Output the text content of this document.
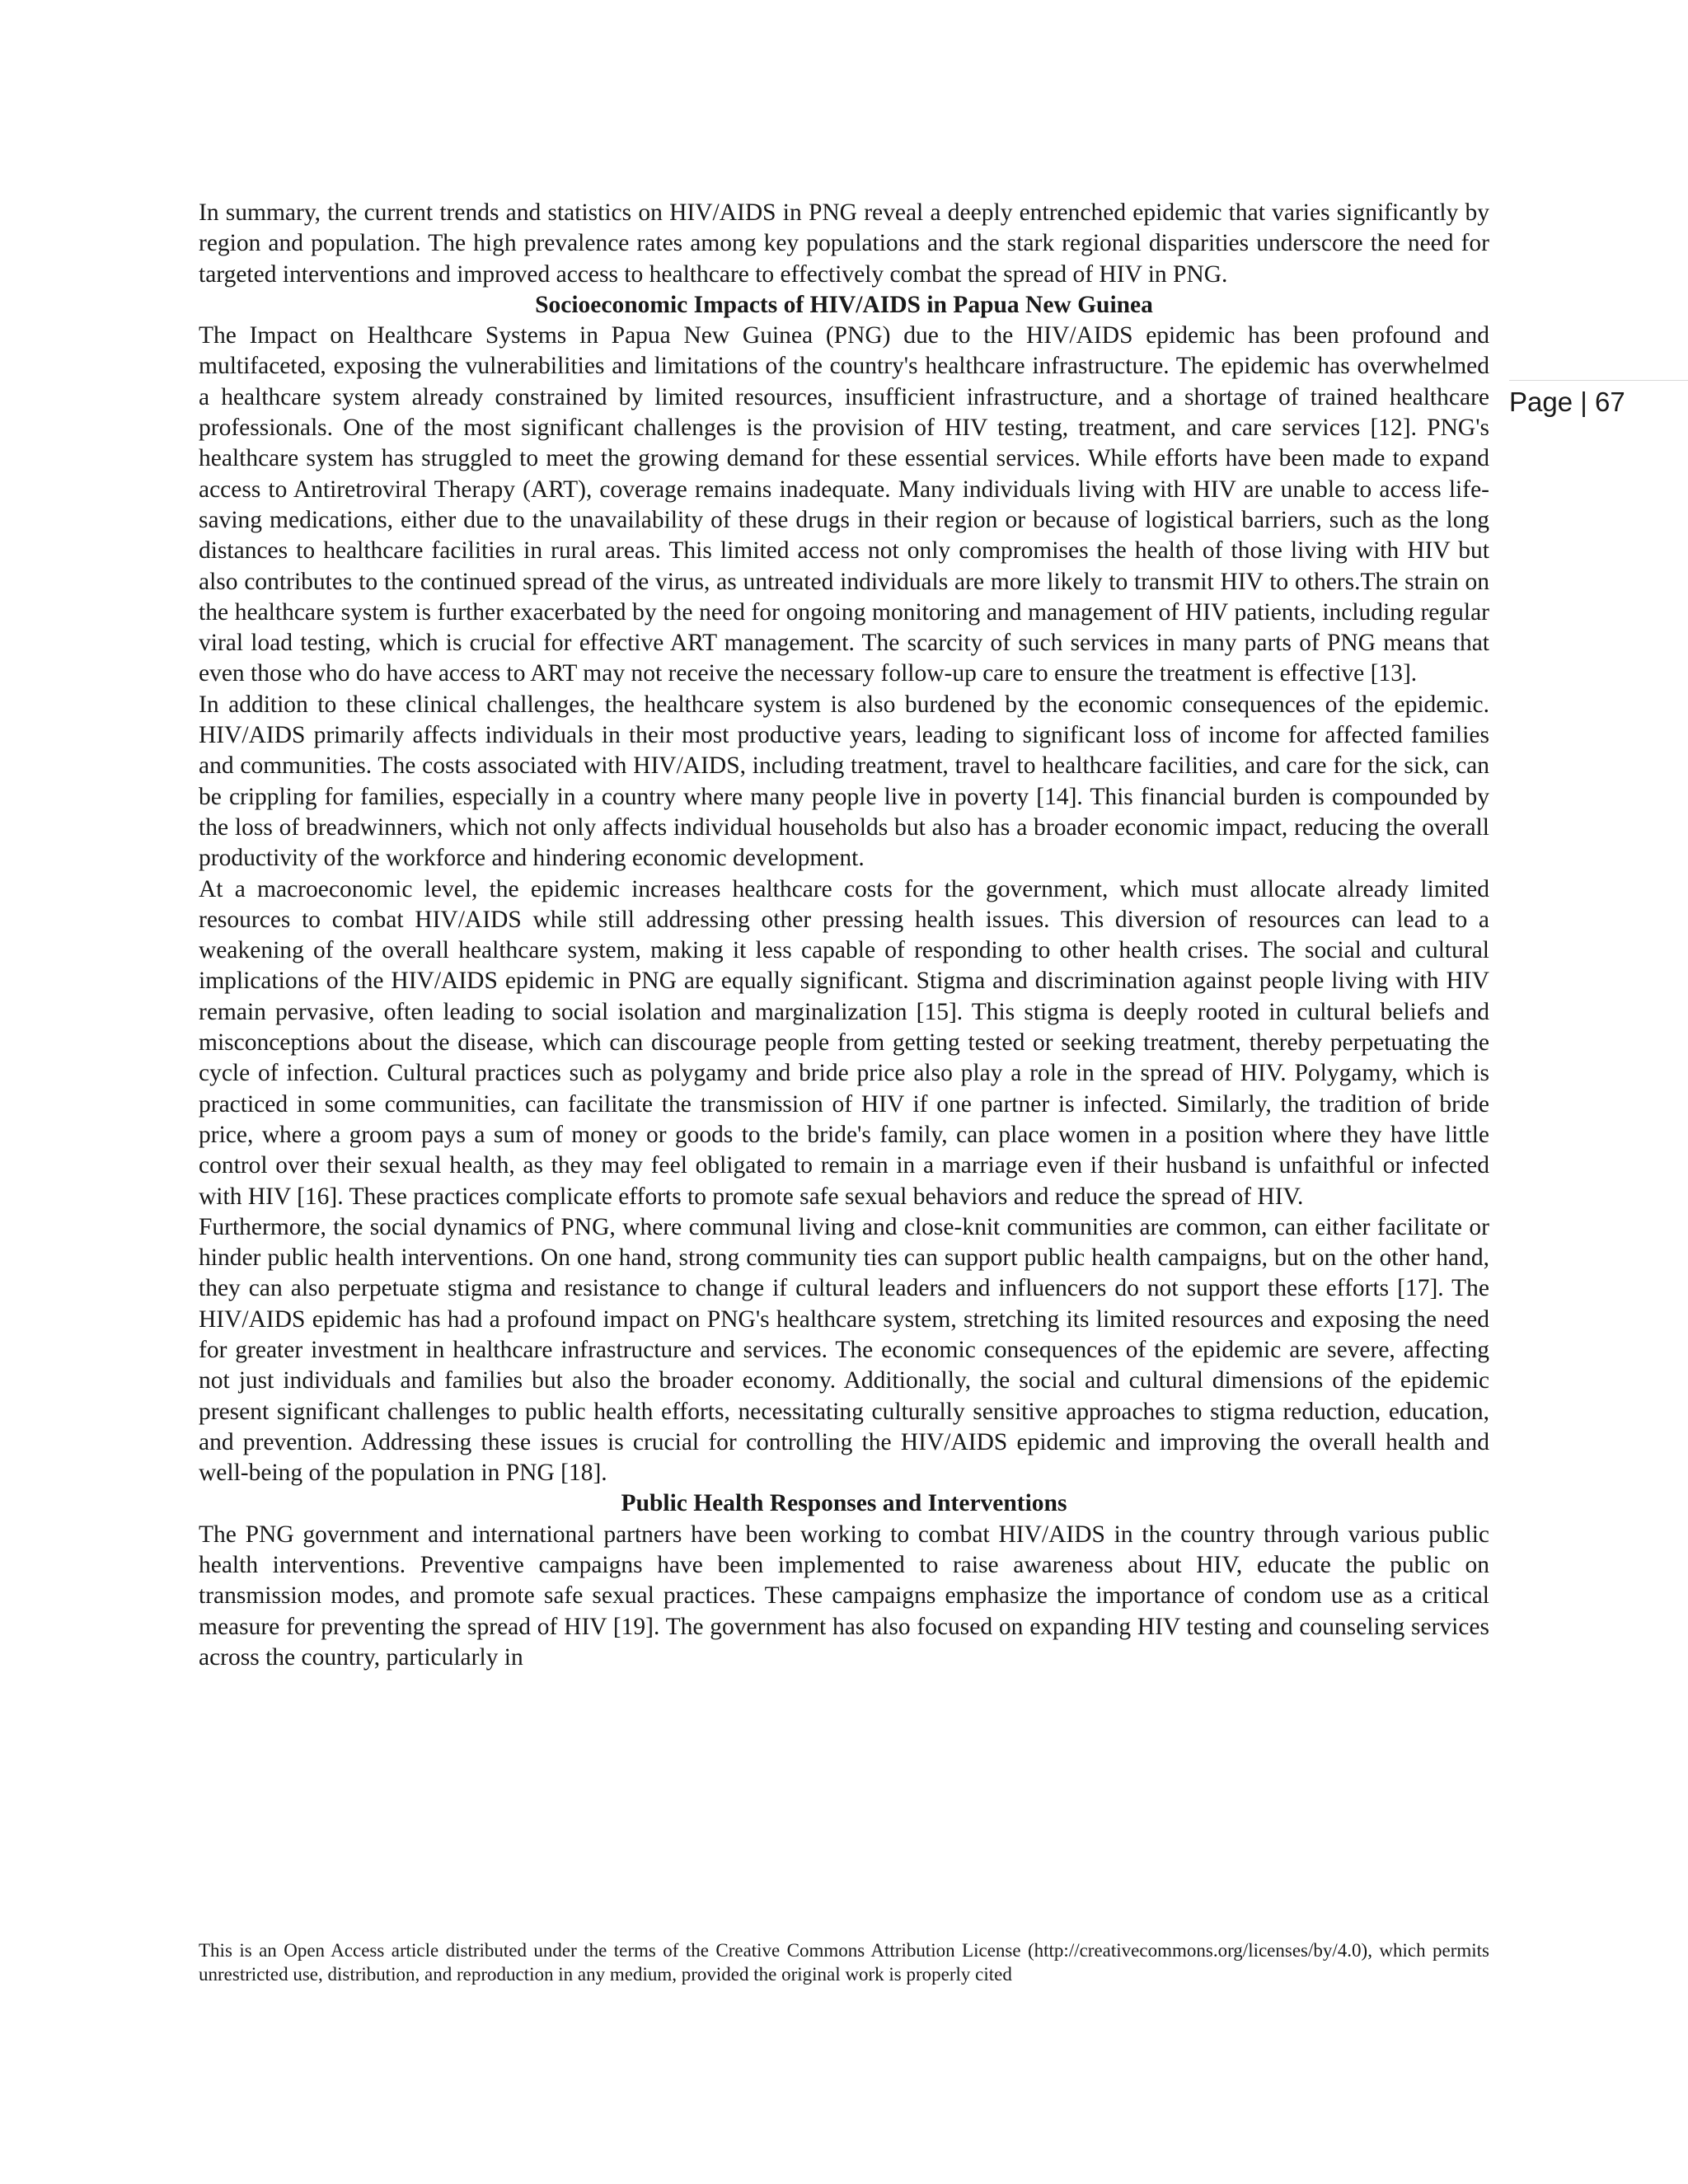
In summary, the current trends and statistics on HIV/AIDS in PNG reveal a deeply entrenched epidemic that varies significantly by region and population. The high prevalence rates among key populations and the stark regional disparities underscore the need for targeted interventions and improved access to healthcare to effectively combat the spread of HIV in PNG.

Socioeconomic Impacts of HIV/AIDS in Papua New Guinea

The Impact on Healthcare Systems in Papua New Guinea (PNG) due to the HIV/AIDS epidemic has been profound and multifaceted, exposing the vulnerabilities and limitations of the country's healthcare infrastructure. The epidemic has overwhelmed a healthcare system already constrained by limited resources, insufficient infrastructure, and a shortage of trained healthcare professionals. One of the most significant challenges is the provision of HIV testing, treatment, and care services [12]. PNG's healthcare system has struggled to meet the growing demand for these essential services. While efforts have been made to expand access to Antiretroviral Therapy (ART), coverage remains inadequate. Many individuals living with HIV are unable to access life-saving medications, either due to the unavailability of these drugs in their region or because of logistical barriers, such as the long distances to healthcare facilities in rural areas. This limited access not only compromises the health of those living with HIV but also contributes to the continued spread of the virus, as untreated individuals are more likely to transmit HIV to others.The strain on the healthcare system is further exacerbated by the need for ongoing monitoring and management of HIV patients, including regular viral load testing, which is crucial for effective ART management. The scarcity of such services in many parts of PNG means that even those who do have access to ART may not receive the necessary follow-up care to ensure the treatment is effective [13].

In addition to these clinical challenges, the healthcare system is also burdened by the economic consequences of the epidemic. HIV/AIDS primarily affects individuals in their most productive years, leading to significant loss of income for affected families and communities. The costs associated with HIV/AIDS, including treatment, travel to healthcare facilities, and care for the sick, can be crippling for families, especially in a country where many people live in poverty [14]. This financial burden is compounded by the loss of breadwinners, which not only affects individual households but also has a broader economic impact, reducing the overall productivity of the workforce and hindering economic development.

At a macroeconomic level, the epidemic increases healthcare costs for the government, which must allocate already limited resources to combat HIV/AIDS while still addressing other pressing health issues. This diversion of resources can lead to a weakening of the overall healthcare system, making it less capable of responding to other health crises. The social and cultural implications of the HIV/AIDS epidemic in PNG are equally significant. Stigma and discrimination against people living with HIV remain pervasive, often leading to social isolation and marginalization [15]. This stigma is deeply rooted in cultural beliefs and misconceptions about the disease, which can discourage people from getting tested or seeking treatment, thereby perpetuating the cycle of infection. Cultural practices such as polygamy and bride price also play a role in the spread of HIV. Polygamy, which is practiced in some communities, can facilitate the transmission of HIV if one partner is infected. Similarly, the tradition of bride price, where a groom pays a sum of money or goods to the bride's family, can place women in a position where they have little control over their sexual health, as they may feel obligated to remain in a marriage even if their husband is unfaithful or infected with HIV [16]. These practices complicate efforts to promote safe sexual behaviors and reduce the spread of HIV.

Furthermore, the social dynamics of PNG, where communal living and close-knit communities are common, can either facilitate or hinder public health interventions. On one hand, strong community ties can support public health campaigns, but on the other hand, they can also perpetuate stigma and resistance to change if cultural leaders and influencers do not support these efforts [17]. The HIV/AIDS epidemic has had a profound impact on PNG's healthcare system, stretching its limited resources and exposing the need for greater investment in healthcare infrastructure and services. The economic consequences of the epidemic are severe, affecting not just individuals and families but also the broader economy. Additionally, the social and cultural dimensions of the epidemic present significant challenges to public health efforts, necessitating culturally sensitive approaches to stigma reduction, education, and prevention. Addressing these issues is crucial for controlling the HIV/AIDS epidemic and improving the overall health and well-being of the population in PNG [18].

Public Health Responses and Interventions

The PNG government and international partners have been working to combat HIV/AIDS in the country through various public health interventions. Preventive campaigns have been implemented to raise awareness about HIV, educate the public on transmission modes, and promote safe sexual practices. These campaigns emphasize the importance of condom use as a critical measure for preventing the spread of HIV [19]. The government has also focused on expanding HIV testing and counseling services across the country, particularly in

Page | 67
This is an Open Access article distributed under the terms of the Creative Commons Attribution License (http://creativecommons.org/licenses/by/4.0), which permits unrestricted use, distribution, and reproduction in any medium, provided the original work is properly cited
